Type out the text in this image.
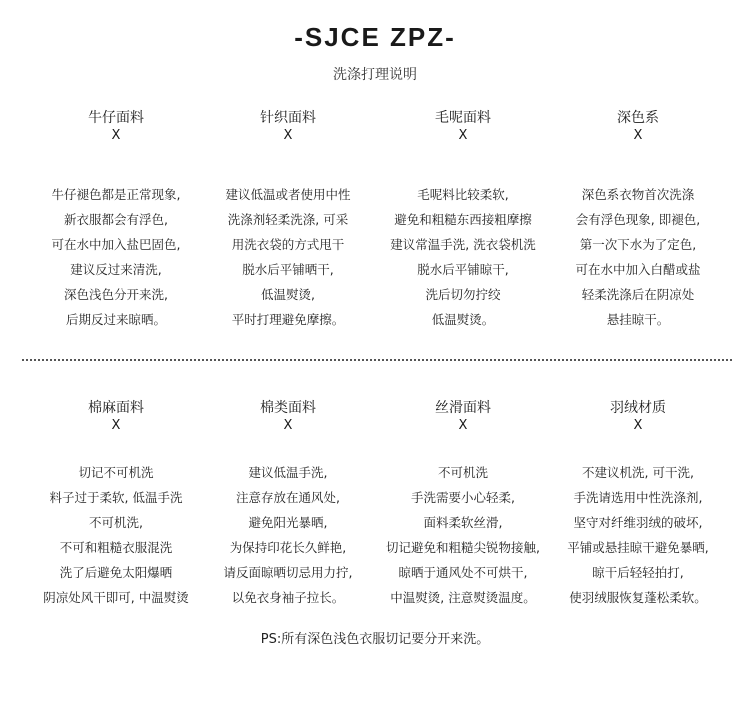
-SJCE ZPZ-
洗涤打理说明
牛仔面料
X
牛仔褪色都是正常现象,
新衣服都会有浮色,
可在水中加入盐巴固色,
建议反过来清洗,
深色浅色分开来洗,
后期反过来晾晒。
针织面料
X
建议低温或者使用中性
洗涤剂轻柔洗涤, 可采
用洗衣袋的方式甩干
脱水后平铺晒干,
低温熨烫,
平时打理避免摩擦。
毛呢面料
X
毛呢料比较柔软,
避免和粗糙东西接粗摩擦
建议常温手洗, 洗衣袋机洗
脱水后平铺晾干,
洗后切勿拧绞
低温熨烫。
深色系
X
深色系衣物首次洗涤
会有浮色现象, 即褪色,
第一次下水为了定色,
可在水中加入白醋或盐
轻柔洗涤后在阴凉处
悬挂晾干。
棉麻面料
X
切记不可机洗
料子过于柔软, 低温手洗
不可机洗,
不可和粗糙衣服混洗
洗了后避免太阳爆晒
阴凉处风干即可, 中温熨烫
棉类面料
X
建议低温手洗,
注意存放在通风处,
避免阳光暴晒,
为保持印花长久鲜艳,
请反面晾晒切忌用力拧,
以免衣身袖子拉长。
丝滑面料
X
不可机洗
手洗需要小心轻柔,
面料柔软丝滑,
切记避免和粗糙尖锐物接触,
晾晒于通风处不可烘干,
中温熨烫, 注意熨烫温度。
羽绒材质
X
不建议机洗, 可干洗,
手洗请选用中性洗涤剂,
坚守对纤维羽绒的破坏,
平铺或悬挂晾干避免暴晒,
晾干后轻轻拍打,
使羽绒服恢复蓬松柔软。
PS:所有深色浅色衣服切记要分开来洗。
